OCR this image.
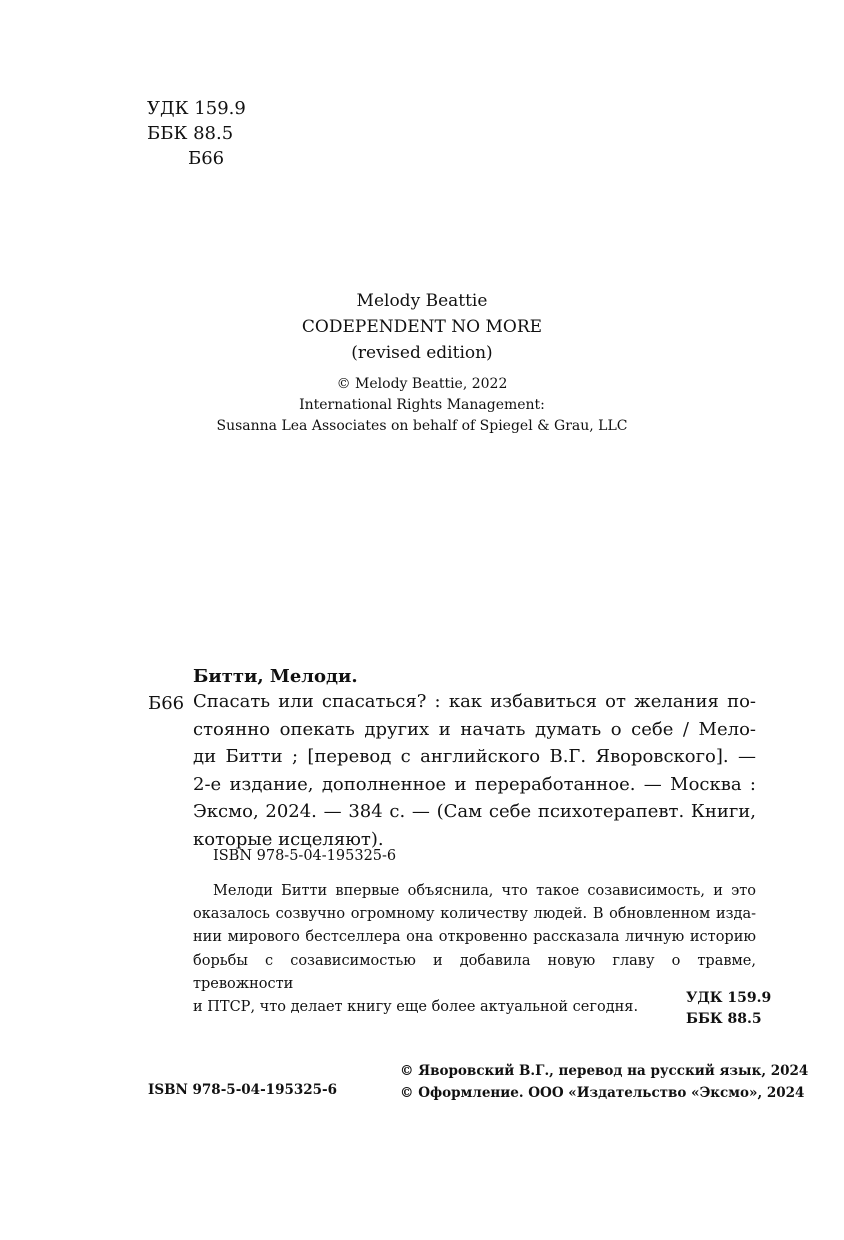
УДК 159.9
ББК 88.5
Б66
Melody Beattie
CODEPENDENT NO MORE
(revised edition)
© Melody Beattie, 2022
International Rights Management:
Susanna Lea Associates on behalf of Spiegel & Grau, LLC
Битти, Мелоди.
Б66 Спасать или спасаться? : как избавиться от желания по-
стоянно опекать других и начать думать о себе / Мело-
ди Битти ; [перевод с английского В.Г. Яворовского]. —
2-е издание, дополненное и переработанное. — Москва :
Эксмо, 2024. — 384 с. — (Сам себе психотерапевт. Книги,
которые исцеляют).
ISBN 978-5-04-195325-6
Мелоди Битти впервые объяснила, что такое созависимость, и это
оказалось созвучно огромному количеству людей. В обновленном изда-
нии мирового бестселлера она откровенно рассказала личную историю
борьбы с созависимостью и добавила новую главу о травме, тревожности
и ПТСР, что делает книгу еще более актуальной сегодня.
УДК 159.9
ББК 88.5
© Яворовский В.Г., перевод на русский язык, 2024
© Оформление. ООО «Издательство «Эксмо», 2024
ISBN 978-5-04-195325-6
